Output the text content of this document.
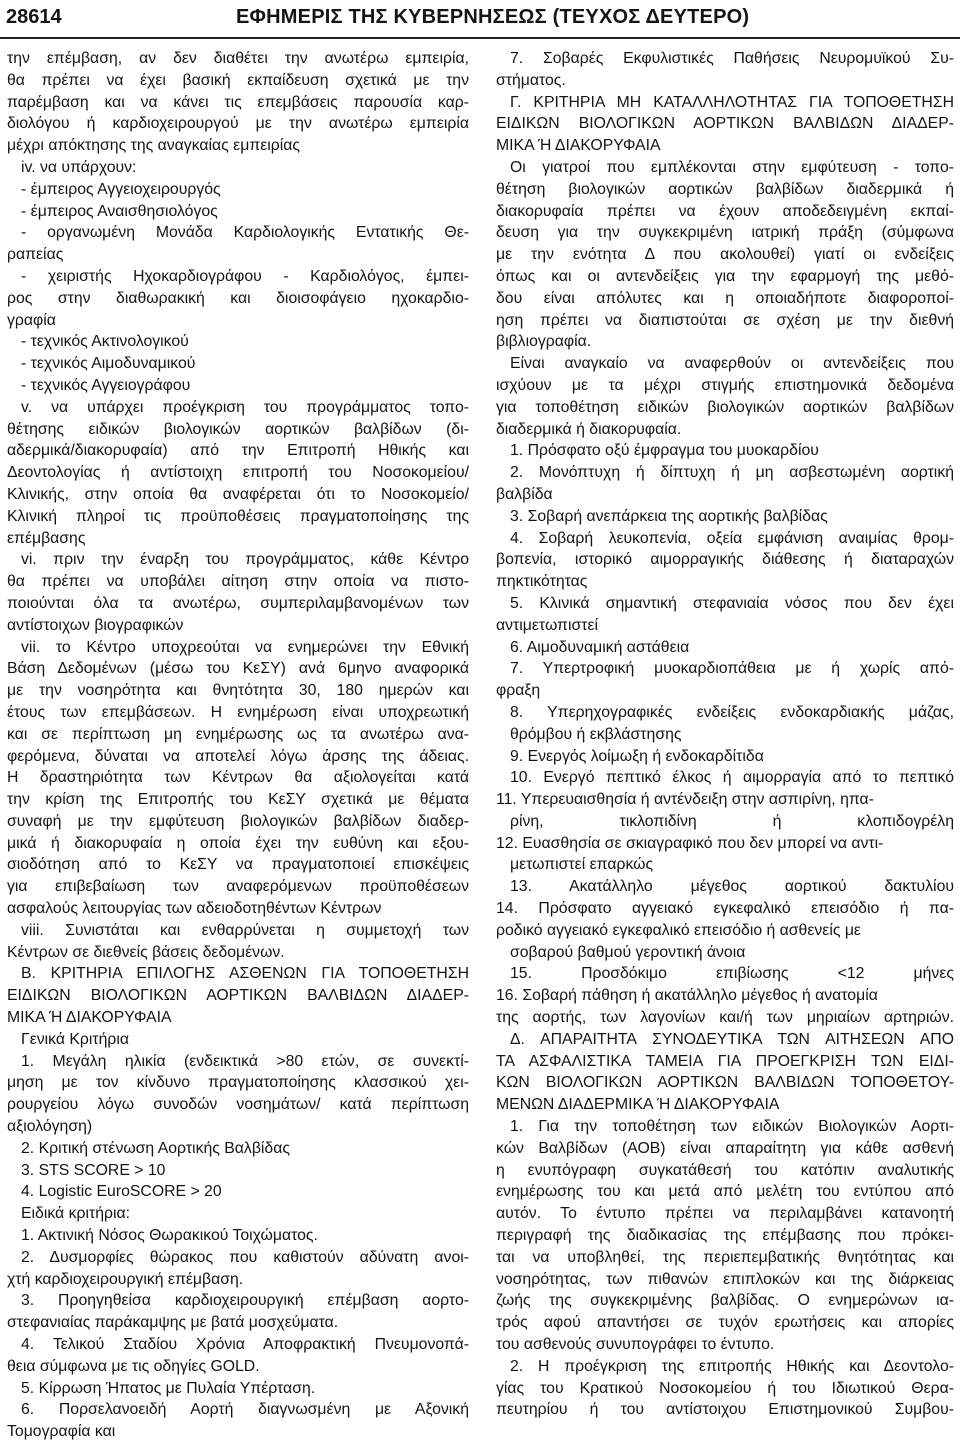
28614	ΕΦΗΜΕΡΙΣ ΤΗΣ ΚΥΒΕΡΝΗΣΕΩΣ (ΤΕΥΧΟΣ ΔΕΥΤΕΡΟ)
την επέμβαση, αν δεν διαθέτει την ανωτέρω εμπειρία,
θα πρέπει να έχει βασική εκπαίδευση σχετικά με την
παρέμβαση και να κάνει τις επεμβάσεις παρουσία καρ-
διολόγου ή καρδιοχειρουργού με την ανωτέρω εμπειρία
μέχρι απόκτησης της αναγκαίας εμπειρίας
iv. να υπάρχουν:
- έμπειρος Αγγειοχειρουργός
- έμπειρος Αναισθησιολόγος
- οργανωμένη Μονάδα Καρδιολογικής Εντατικής Θε-
ραπείας
- χειριστής Ηχοκαρδιογράφου - Καρδιολόγος, έμπει-
ρος στην διαθωρακική και διοισοφάγειο ηχοκαρδιο-
γραφία
- τεχνικός Ακτινολογικού
- τεχνικός Αιμοδυναμικού
- τεχνικός Αγγειογράφου
v. να υπάρχει προέγκριση του προγράμματος τοπο-
θέτησης ειδικών βιολογικών αορτικών βαλβίδων (δι-
αδερμικά/διακορυφαία) από την Επιτροπή Ηθικής και
Δεοντολογίας ή αντίστοιχη επιτροπή του Νοσοκομείου/
Κλινικής, στην οποία θα αναφέρεται ότι το Νοσοκομείο/
Κλινική πληροί τις προϋποθέσεις πραγματοποίησης της
επέμβασης
vi. πριν την έναρξη του προγράμματος, κάθε Κέντρο
θα πρέπει να υποβάλει αίτηση στην οποία να πιστο-
ποιούνται όλα τα ανωτέρω, συμπεριλαμβανομένων των
αντίστοιχων βιογραφικών
vii. το Κέντρο υποχρεούται να ενημερώνει την Εθνική
Βάση Δεδομένων (μέσω του ΚεΣΥ) ανά 6μηνο αναφορικά
με την νοσηρότητα και θνητότητα 30, 180 ημερών και
έτους των επεμβάσεων. Η ενημέρωση είναι υποχρεωτική
και σε περίπτωση μη ενημέρωσης ως τα ανωτέρω ανα-
φερόμενα, δύναται να αποτελεί λόγω άρσης της άδειας.
Η δραστηριότητα των Κέντρων θα αξιολογείται κατά
την κρίση της Επιτροπής του ΚεΣΥ σχετικά με θέματα
συναφή με την εμφύτευση βιολογικών βαλβίδων διαδερ-
μικά ή διακορυφαία η οποία έχει την ευθύνη και εξου-
σιοδότηση από το ΚεΣΥ να πραγματοποιεί επισκέψεις
για επιβεβαίωση των αναφερόμενων προϋποθέσεων
ασφαλούς λειτουργίας των αδειοδοτηθέντων Κέντρων
viii. Συνιστάται και ενθαρρύνεται η συμμετοχή των
Κέντρων σε διεθνείς βάσεις δεδομένων.
Β. ΚΡΙΤΗΡΙΑ ΕΠΙΛΟΓΗΣ ΑΣΘΕΝΩΝ ΓΙΑ ΤΟΠΟΘΕΤΗΣΗ
ΕΙΔΙΚΩΝ ΒΙΟΛΟΓΙΚΩΝ ΑΟΡΤΙΚΩΝ ΒΑΛΒΙΔΩΝ ΔΙΑΔΕΡ-
ΜΙΚΑ Ή ΔΙΑΚΟΡΥΦΑΙΑ
Γενικά Κριτήρια
1. Μεγάλη ηλικία (ενδεικτικά >80 ετών, σε συνεκτί-
μηση με τον κίνδυνο πραγματοποίησης κλασσικού χει-
ρουργείου λόγω συνοδών νοσημάτων/ κατά περίπτωση
αξιολόγηση)
2. Κριτική στένωση Αορτικής Βαλβίδας
3. STS SCORE > 10
4. Logistic EuroSCORE > 20
Ειδικά κριτήρια:
1. Ακτινική Νόσος Θωρακικού Τοιχώματος.
2. Δυσμορφίες θώρακος που καθιστούν αδύνατη ανοι-
χτή καρδιοχειρουργική επέμβαση.
3. Προηγηθείσα καρδιοχειρουργική επέμβαση αορτο-
στεφανιαίας παράκαμψης με βατά μοσχεύματα.
4. Τελικού Σταδίου Χρόνια Αποφρακτική Πνευμονοπά-
θεια σύμφωνα με τις οδηγίες GOLD.
5. Κίρρωση Ήπατος με Πυλαία Υπέρταση.
6. Πορσελανοειδή Αορτή διαγνωσμένη με Αξονική
Τομογραφία και
7. Σοβαρές Εκφυλιστικές Παθήσεις Νευρομυϊκού Συ-
στήματος.
Γ. ΚΡΙΤΗΡΙΑ ΜΗ ΚΑΤΑΛΛΗΛΟΤΗΤΑΣ ΓΙΑ ΤΟΠΟΘΕΤΗΣΗ
ΕΙΔΙΚΩΝ ΒΙΟΛΟΓΙΚΩΝ ΑΟΡΤΙΚΩΝ ΒΑΛΒΙΔΩΝ ΔΙΑΔΕΡ-
ΜΙΚΑ Ή ΔΙΑΚΟΡΥΦΑΙΑ
Οι γιατροί που εμπλέκονται στην εμφύτευση - τοπο-
θέτηση βιολογικών αορτικών βαλβίδων διαδερμικά ή
διακορυφαία πρέπει να έχουν αποδεδειγμένη εκπαί-
δευση για την συγκεκριμένη ιατρική πράξη (σύμφωνα
με την ενότητα Δ που ακολουθεί) γιατί οι ενδείξεις
όπως και οι αντενδείξεις για την εφαρμογή της μεθό-
δου είναι απόλυτες και η οποιαδήποτε διαφοροποί-
ηση πρέπει να διαπιστούται σε σχέση με την διεθνή
βιβλιογραφία.
Είναι αναγκαίο να αναφερθούν οι αντενδείξεις που
ισχύουν με τα μέχρι στιγμής επιστημονικά δεδομένα
για τοποθέτηση ειδικών βιολογικών αορτικών βαλβίδων
διαδερμικά ή διακορυφαία.
1. Πρόσφατο οξύ έμφραγμα του μυοκαρδίου
2. Μονόπτυχη ή δίπτυχη ή μη ασβεστωμένη αορτική
βαλβίδα
3. Σοβαρή ανεπάρκεια της αορτικής βαλβίδας
4. Σοβαρή λευκοπενία, οξεία εμφάνιση αναιμίας θρομ-
βοπενία, ιστορικό αιμορραγικής διάθεσης ή διαταραχών
πηκτικότητας
5. Κλινικά σημαντική στεφανιαία νόσος που δεν έχει
αντιμετωπιστεί
6. Αιμοδυναμική αστάθεια
7. Υπερτροφική μυοκαρδιοπάθεια με ή χωρίς από-
φραξη
8. Υπερηχογραφικές ενδείξεις ενδοκαρδιακής μάζας,
θρόμβου ή εκβλάστησης
9. Ενεργός λοίμωξη ή ενδοκαρδίτιδα
10. Ενεργό πεπτικό έλκος ή αιμορραγία από το πεπτικό
11. Υπερευαισθησία ή αντένδειξη στην ασπιρίνη, ηπα-
ρίνη, τικλοπιδίνη ή κλοπιδογρέλη
12. Ευασθησία σε σκιαγραφικό που δεν μπορεί να αντι-
μετωπιστεί επαρκώς
13. Ακατάλληλο μέγεθος αορτικού δακτυλίου
14. Πρόσφατο αγγειακό εγκεφαλικό επεισόδιο ή πα-
ροδικό αγγειακό εγκεφαλικό επεισόδιο ή ασθενείς με
σοβαρού βαθμού γεροντική άνοια
15. Προσδόκιμο επιβίωσης <12 μήνες
16. Σοβαρή πάθηση ή ακατάλληλο μέγεθος ή ανατομία
της αορτής, των λαγονίων και/ή των μηριαίων αρτηριών.
Δ. ΑΠΑΡΑΙΤΗΤΑ ΣΥΝΟΔΕΥΤΙΚΑ ΤΩΝ ΑΙΤΗΣΕΩΝ ΑΠΟ
ΤΑ ΑΣΦΑΛΙΣΤΙΚΑ ΤΑΜΕΙΑ ΓΙΑ ΠΡΟΕΓΚΡΙΣΗ ΤΩΝ ΕΙΔΙ-
ΚΩΝ ΒΙΟΛΟΓΙΚΩΝ ΑΟΡΤΙΚΩΝ ΒΑΛΒΙΔΩΝ ΤΟΠΟΘΕΤΟΥ-
ΜΕΝΩΝ ΔΙΑΔΕΡΜΙΚΑ Ή ΔΙΑΚΟΡΥΦΑΙΑ
1. Για την τοποθέτηση των ειδικών Βιολογικών Αορτι-
κών Βαλβίδων (ΑΟΒ) είναι απαραίτητη για κάθε ασθενή
η ενυπόγραφη συγκατάθεσή του κατόπιν αναλυτικής
ενημέρωσης του και μετά από μελέτη του εντύπου από
αυτόν. Το έντυπο πρέπει να περιλαμβάνει κατανοητή
περιγραφή της διαδικασίας της επέμβασης που πρόκει-
ται να υποβληθεί, της περιεπεμβατικής θνητότητας και
νοσηρότητας, των πιθανών επιπλοκών και της διάρκειας
ζωής της συγκεκριμένης βαλβίδας. Ο ενημερώνων ια-
τρός αφού απαντήσει σε τυχόν ερωτήσεις και απορίες
του ασθενούς συνυπογράφει το έντυπο.
2. Η προέγκριση της επιτροπής Ηθικής και Δεοντολο-
γίας του Κρατικού Νοσοκομείου ή του Ιδιωτικού Θερα-
πευτηρίου ή του αντίστοιχου Επιστημονικού Συμβου-
